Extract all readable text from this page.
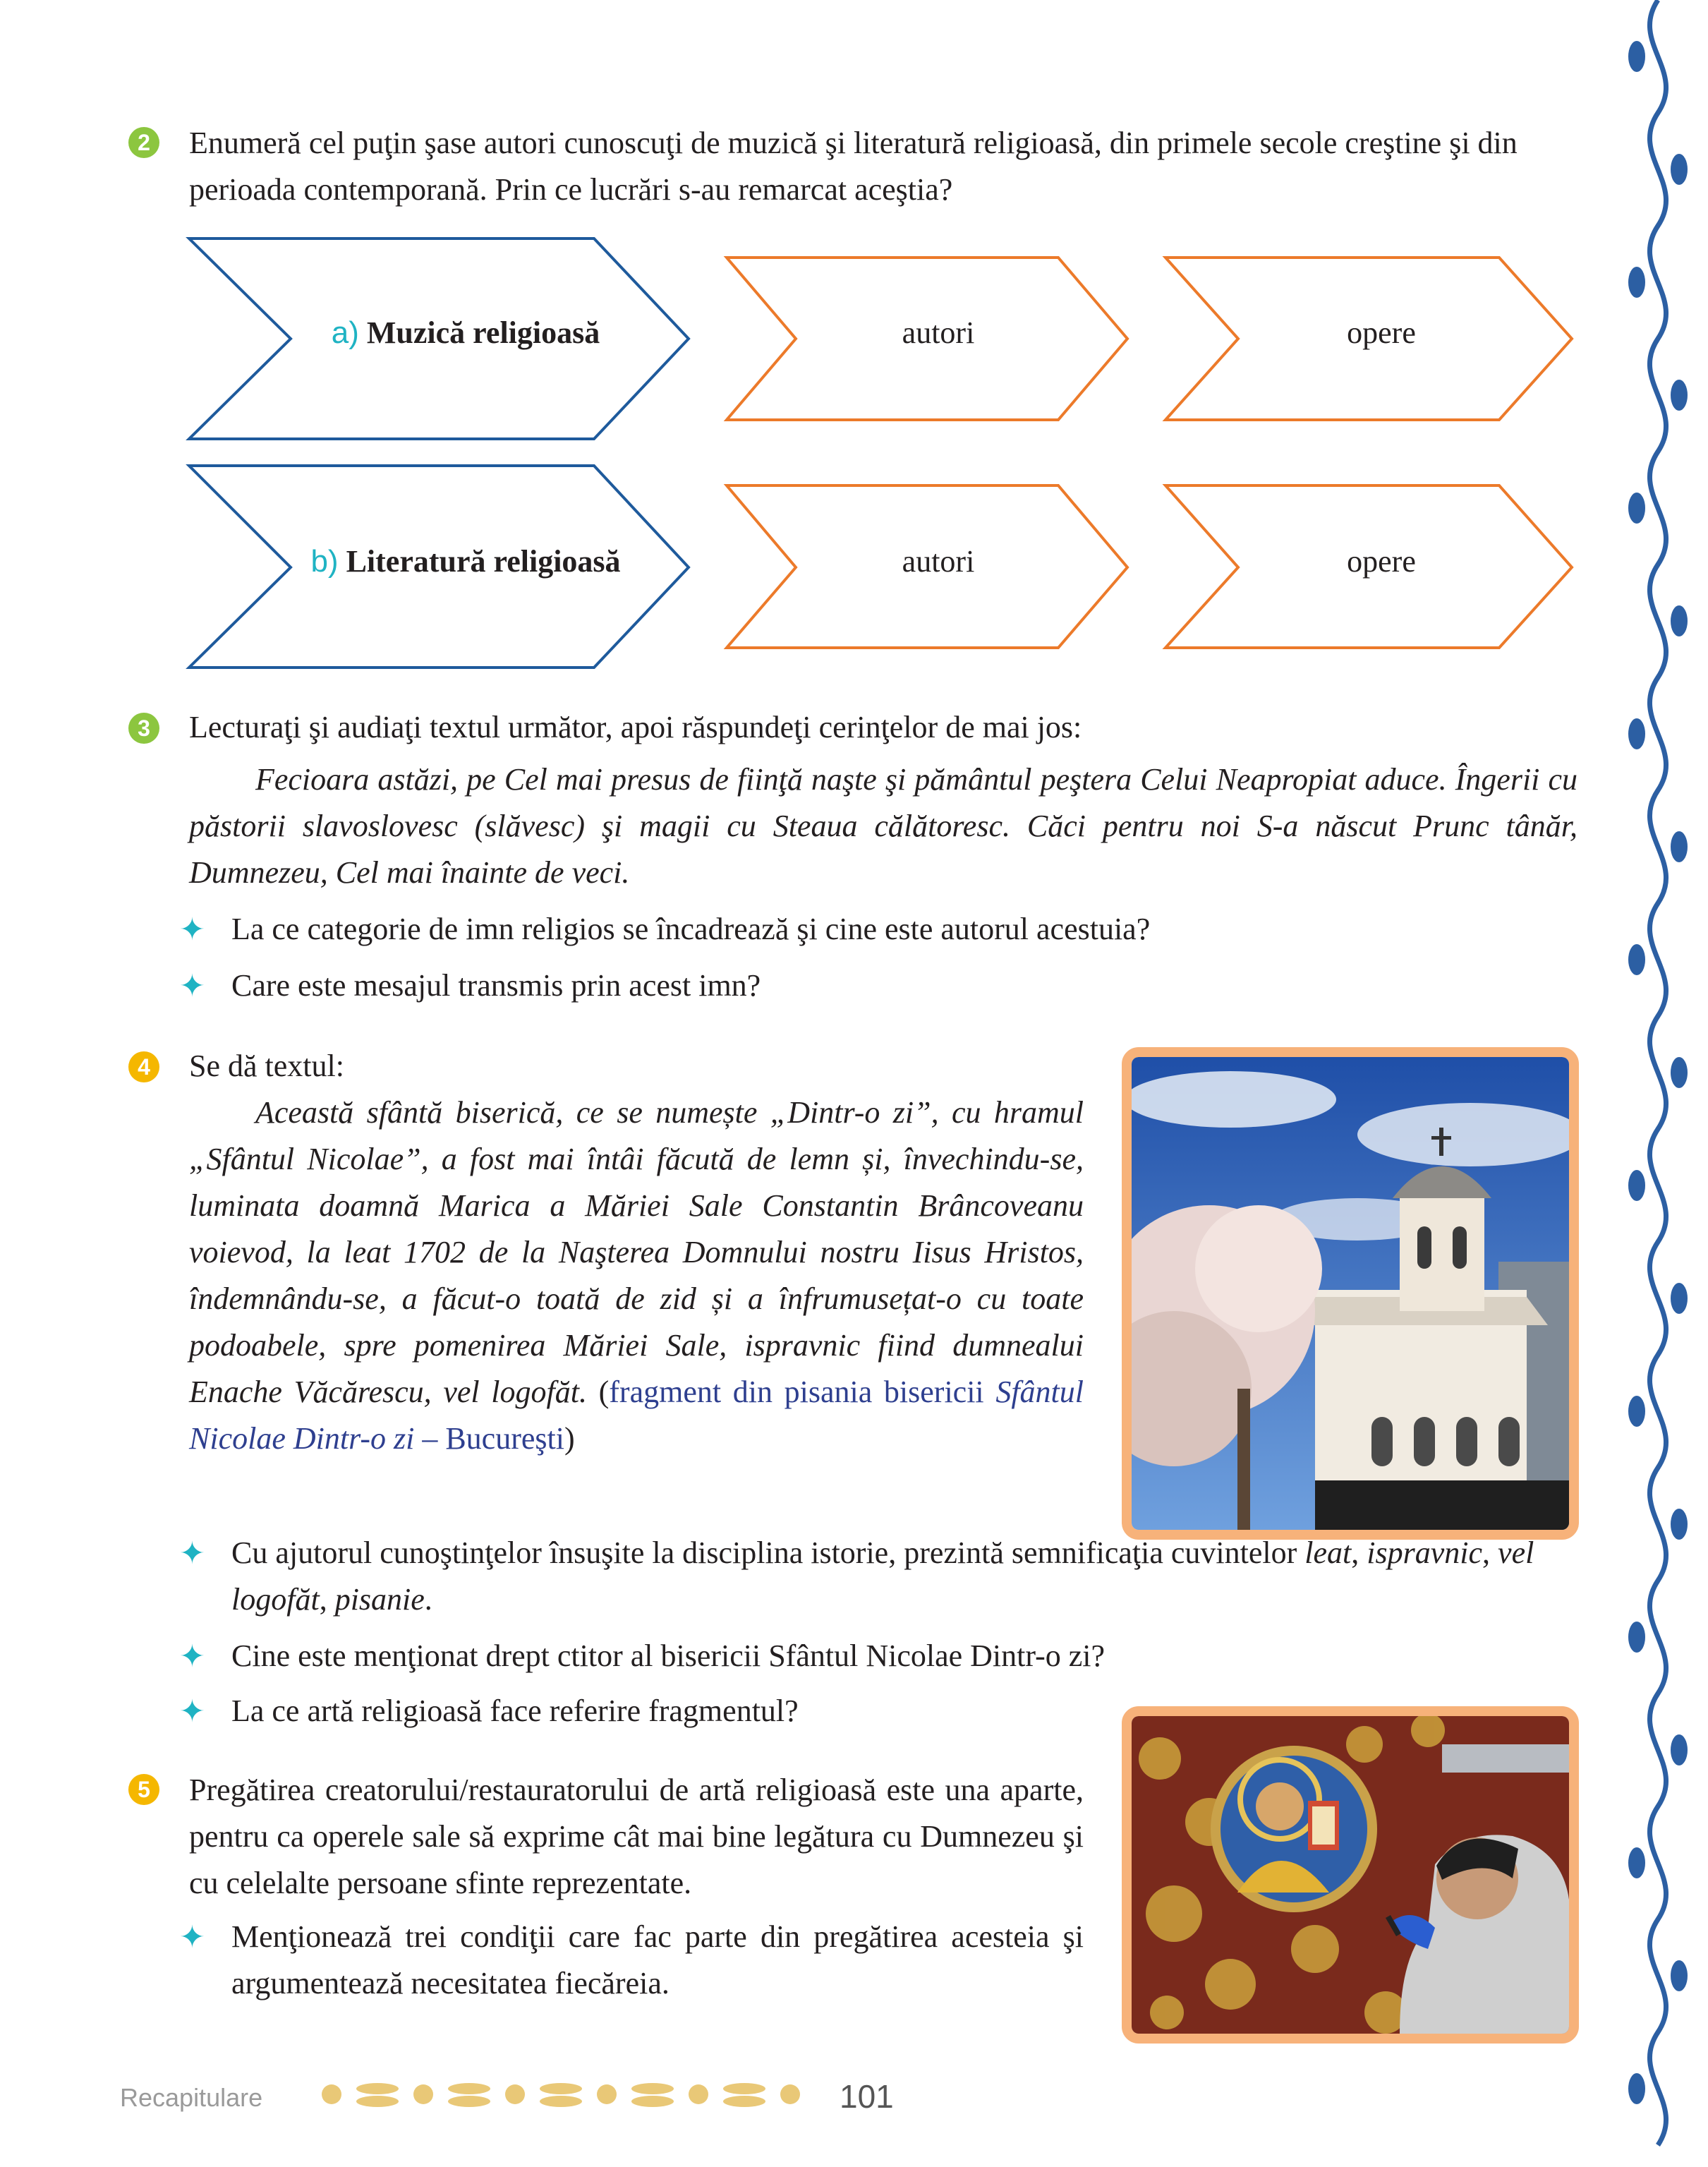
2 Enumeră cel puţin şase autori cunoscuţi de muzică şi literatură religioasă, din primele secole creştine şi din perioada contemporană. Prin ce lucrări s-au remarcat aceştia?
a) Muzică religioasă	autori	opere
b) Literatură religioasă	autori	opere
3 Lecturaţi şi audiaţi textul următor, apoi răspundeţi cerinţelor de mai jos:
Fecioara astăzi, pe Cel mai presus de fiinţă naşte şi pământul peştera Celui Neapropiat aduce. Îngerii cu păstorii slavoslovesc (slăvesc) şi magii cu Steaua călătoresc. Căci pentru noi S-a născut Prunc tânăr, Dumnezeu, Cel mai înainte de veci.
✦ La ce categorie de imn religios se încadrează şi cine este autorul acestuia?
✦ Care este mesajul transmis prin acest imn?
4 Se dă textul:
Această sfântă biserică, ce se numește „Dintr-o zi”, cu hramul „Sfântul Nicolae”, a fost mai întâi făcută de lemn și, învechindu-se, luminata doamnă Marica a Măriei Sale Constantin Brâncoveanu voievod, la leat 1702 de la Naşterea Domnului nostru Iisus Hristos, îndemnându-se, a făcut-o toată de zid și a înfrumusețat-o cu toate podoabele, spre pomenirea Măriei Sale, ispravnic fiind dumnealui Enache Văcărescu, vel logofăt. (fragment din pisania bisericii Sfântul Nicolae Dintr-o zi – Bucureşti)
✦ Cu ajutorul cunoştinţelor însuşite la disciplina istorie, prezintă semnificaţia cuvintelor leat, ispravnic, vel logofăt, pisanie.
✦ Cine este menţionat drept ctitor al bisericii Sfântul Nicolae Dintr-o zi?
✦ La ce artă religioasă face referire fragmentul?
5 Pregătirea creatorului/restauratorului de artă religioasă este una aparte, pentru ca operele sale să exprime cât mai bine legătura cu Dumnezeu şi cu celelalte persoane sfinte reprezentate.
✦ Menţionează trei condiţii care fac parte din pregătirea acesteia şi argumentează necesitatea fiecăreia.
Recapitulare	101
